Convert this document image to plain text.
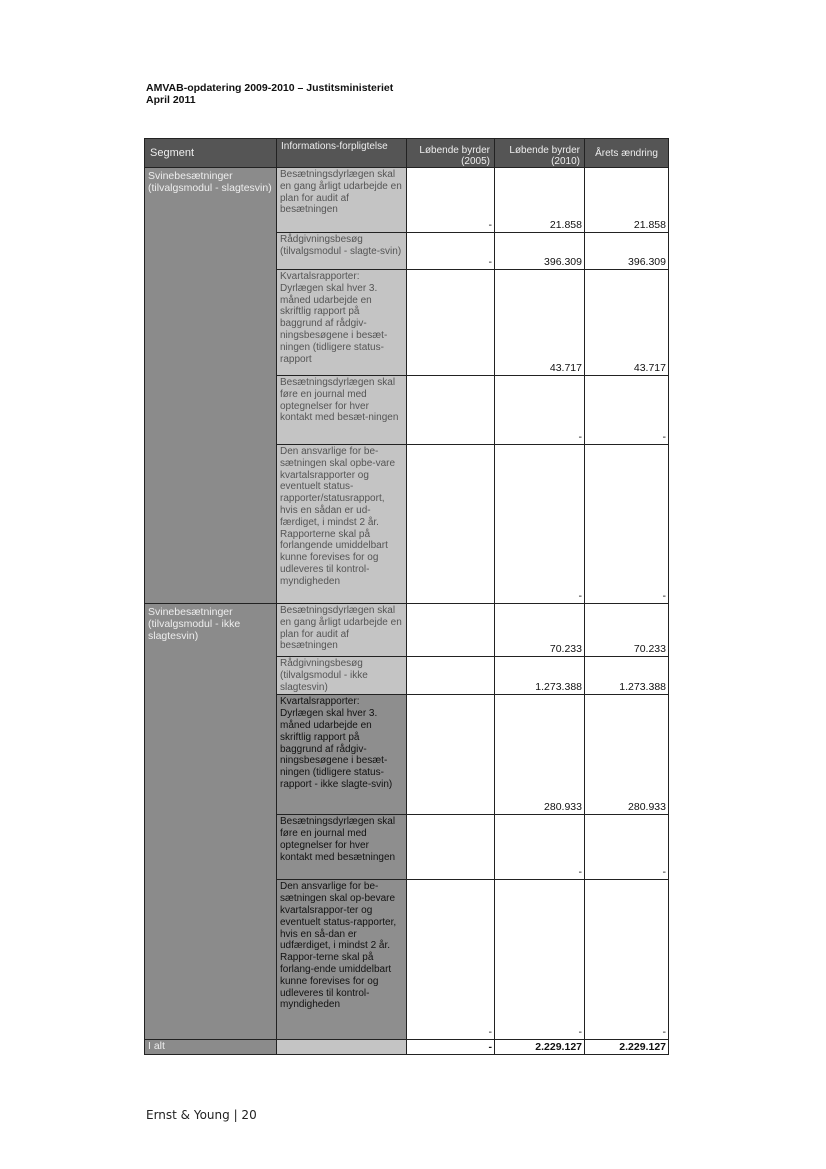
AMVAB-opdatering 2009-2010 – Justitsministeriet
April 2011
Segment	Informations-forpligtelse	Løbende byrder (2005)	Løbende byrder (2010)	Årets ændring
Svinebesætninger (tilvalgsmodul - slagtesvin)	Besætningsdyrlægen skal en gang årligt udarbejde en plan for audit af besætningen	-	21.858	21.858
	Rådgivningsbesøg (tilvalgsmodul - slagte-svin)	-	396.309	396.309
	Kvartalsrapporter: Dyrlægen skal hver 3. måned udarbejde en skriftlig rapport på baggrund af rådgiv-ningsbesøgene i besæt-ningen (tidligere status-rapport		43.717	43.717
	Besætningsdyrlægen skal føre en journal med optegnelser for hver kontakt med besæt-ningen		-	-
	Den ansvarlige for be-sætningen skal opbe-vare kvartalsrapporter og eventuelt status-rapporter/statusrapport, hvis en sådan er ud-færdiget, i mindst 2 år. Rapporterne skal på forlangende umiddelbart kunne forevises for og udleveres til kontrol-myndigheden		-	-
Svinebesætninger (tilvalgsmodul - ikke slagtesvin)	Besætningsdyrlægen skal en gang årligt udarbejde en plan for audit af besætningen		70.233	70.233
	Rådgivningsbesøg (tilvalgsmodul - ikke slagtesvin)		1.273.388	1.273.388
	Kvartalsrapporter: Dyrlægen skal hver 3. måned udarbejde en skriftlig rapport på baggrund af rådgiv-ningsbesøgene i besæt-ningen (tidligere status-rapport - ikke slagte-svin)		280.933	280.933
	Besætningsdyrlægen skal føre en journal med optegnelser for hver kontakt med besætningen		-	-
	Den ansvarlige for be-sætningen skal op-bevare kvartalsrappor-ter og eventuelt status-rapporter, hvis en så-dan er udfærdiget, i mindst 2 år. Rappor-terne skal på forlang-ende umiddelbart kunne forevises for og udleveres til kontrol-myndigheden	-	-	-
I alt		-	2.229.127	2.229.127
Ernst & Young | 20
